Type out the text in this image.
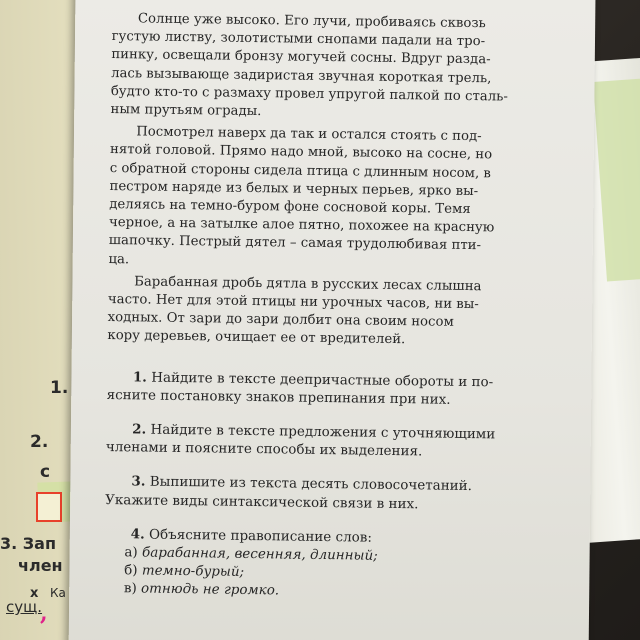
1.
2.
с
3. Зап
член
x Ка
сущ.
,
Солнце уже высоко. Его лучи, пробиваясь сквозь
густую листву, золотистыми снопами падали на тро-
пинку, освещали бронзу могучей сосны. Вдруг разда-
лась вызывающе задиристая звучная короткая трель,
будто кто-то с размаху провел упругой палкой по сталь-
ным прутьям ограды.
Посмотрел наверх да так и остался стоять с под-
нятой головой. Прямо надо мной, высоко на сосне, но
с обратной стороны сидела птица с длинным носом, в
пестром наряде из белых и черных перьев, ярко вы-
деляясь на темно-буром фоне сосновой коры. Темя
черное, а на затылке алое пятно, похожее на красную
шапочку. Пестрый дятел – самая трудолюбивая пти-
ца.
Барабанная дробь дятла в русских лесах слышна
часто. Нет для этой птицы ни урочных часов, ни вы-
ходных. От зари до зари долбит она своим носом
кору деревьев, очищает ее от вредителей.
1. Найдите в тексте деепричастные обороты и по-
ясните постановку знаков препинания при них.
2. Найдите в тексте предложения с уточняющими
членами и поясните способы их выделения.
3. Выпишите из текста десять словосочетаний.
Укажите виды синтаксической связи в них.
4. Объясните правописание слов:
а) барабанная, весенняя, длинный;
б) темно-бурый;
в) отнюдь не громко.
